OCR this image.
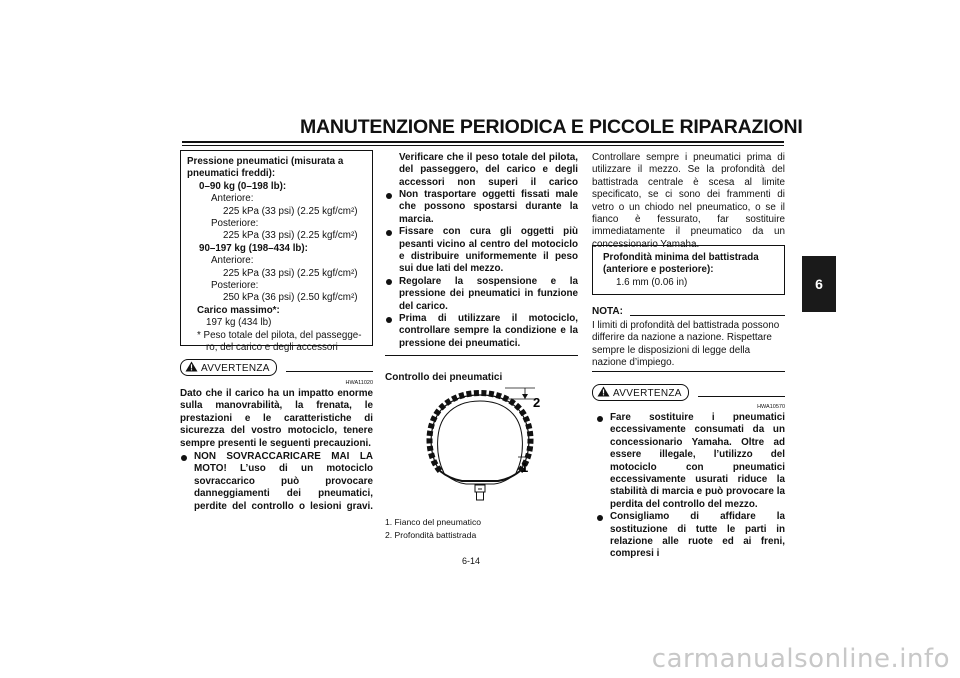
MANUTENZIONE PERIODICA E PICCOLE RIPARAZIONI
6
Pressione pneumatici (misurata a pneumatici freddi):
0–90 kg (0–198 lb):
Anteriore:
225 kPa (33 psi) (2.25 kgf/cm²)
Posteriore:
225 kPa (33 psi) (2.25 kgf/cm²)
90–197 kg (198–434 lb):
Anteriore:
225 kPa (33 psi) (2.25 kgf/cm²)
Posteriore:
250 kPa (36 psi) (2.50 kgf/cm²)
Carico massimo*:
197 kg (434 lb)
* Peso totale del pilota, del passegge-
ro, del carico e degli accessori
AVVERTENZA
HWA11020
Dato che il carico ha un impatto enorme sulla manovrabilità, la frenata, le prestazioni e le caratteristiche di sicurezza del vostro motociclo, tenere sempre presenti le seguenti precauzioni.
NON SOVRACCARICARE MAI LA MOTO! L’uso di un motociclo sovraccarico può provocare danneggiamenti dei pneumatici, perdite del controllo o lesioni gravi.
Verificare che il peso totale del pilota, del passeggero, del carico e degli accessori non superi il carico
Non trasportare oggetti fissati male che possono spostarsi durante la marcia.
Fissare con cura gli oggetti più pesanti vicino al centro del motociclo e distribuire uniformemente il peso sui due lati del mezzo.
Regolare la sospensione e la pressione dei pneumatici in funzione del carico.
Prima di utilizzare il motociclo, controllare sempre la condizione e la pressione dei pneumatici.
Controllo dei pneumatici
2
1
1. Fianco del pneumatico
2. Profondità battistrada
Controllare sempre i pneumatici prima di utilizzare il mezzo. Se la profondità del battistrada centrale è scesa al limite specificato, se ci sono dei frammenti di vetro o un chiodo nel pneumatico, o se il fianco è fessurato, far sostituire immediatamente il pneumatico da un concessionario Yamaha.
Profondità minima del battistrada (anteriore e posteriore):
1.6 mm (0.06 in)
NOTA:
I limiti di profondità del battistrada possono differire da nazione a nazione. Rispettare sempre le disposizioni di legge della nazione d’impiego.
AVVERTENZA
HWA10570
Fare sostituire i pneumatici eccessivamente consumati da un concessionario Yamaha. Oltre ad essere illegale, l’utilizzo del motociclo con pneumatici eccessivamente usurati riduce la stabilità di marcia e può provocare la perdita del controllo del mezzo.
Consigliamo di affidare la sostituzione di tutte le parti in relazione alle ruote ed ai freni, compresi i
6-14
carmanualsonline.info
